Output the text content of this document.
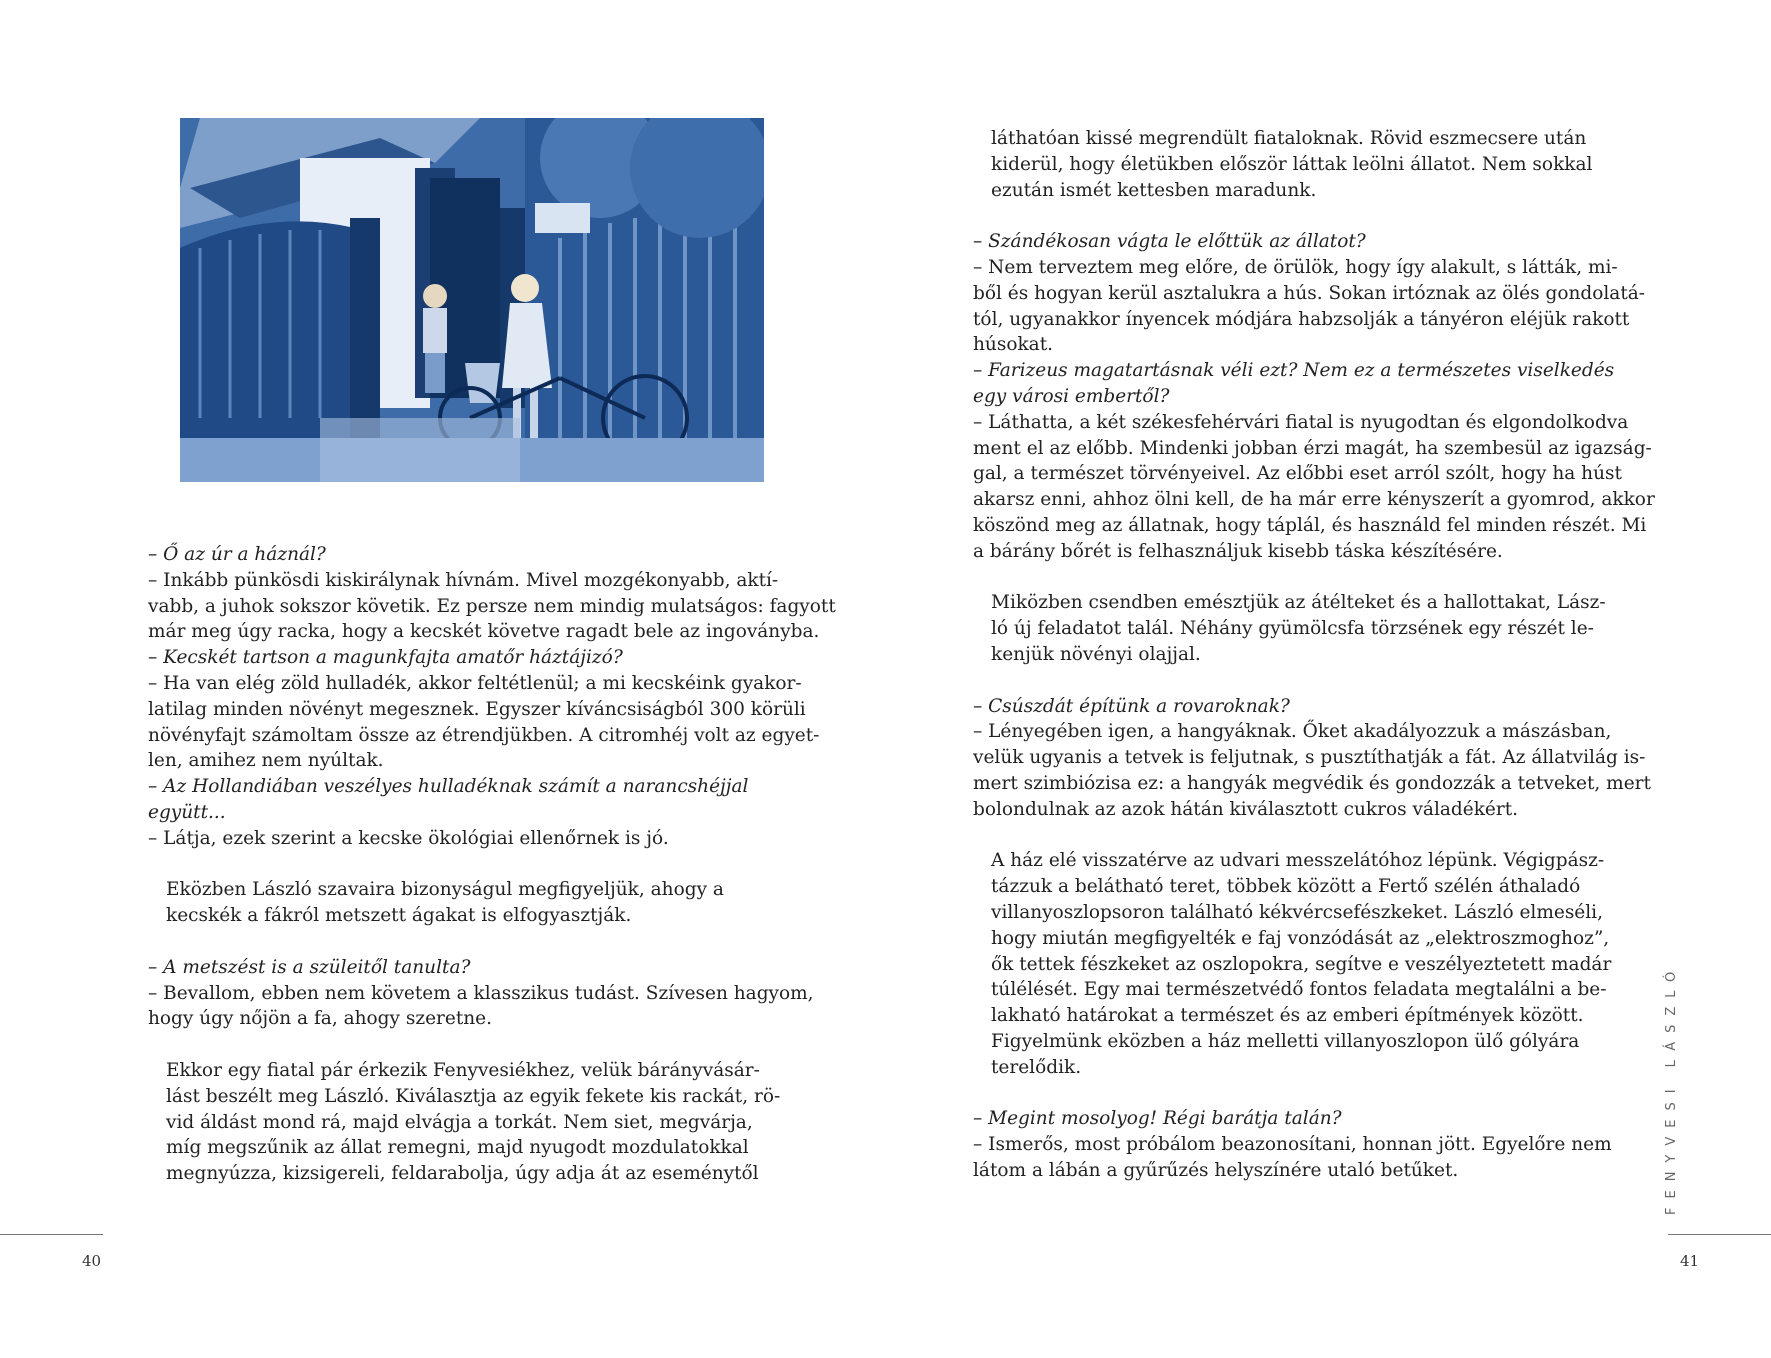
– Ő az úr a háznál?

– Inkább pünkösdi kiskirálynak hívnám. Mivel mozgékonyabb, aktí-

vabb, a juhok sokszor követik. Ez persze nem mindig mulatságos: fagyott

már meg úgy racka, hogy a kecskét követve ragadt bele az ingoványba.

– Kecskét tartson a magunkfajta amatőr háztájizó?

– Ha van elég zöld hulladék, akkor feltétlenül; a mi kecskéink gyakor-

latilag minden növényt megesznek. Egyszer kíváncsiságból 300 körüli

növényfajt számoltam össze az étrendjükben. A citromhéj volt az egyet-

len, amihez nem nyúltak.

– Az Hollandiában veszélyes hulladéknak számít a narancshéjjal

együtt...

– Látja, ezek szerint a kecske ökológiai ellenőrnek is jó.

Eközben László szavaira bizonyságul megfigyeljük, ahogy a

kecskék a fákról metszett ágakat is elfogyasztják.

– A metszést is a szüleitől tanulta?

– Bevallom, ebben nem követem a klasszikus tudást. Szívesen hagyom,

hogy úgy nőjön a fa, ahogy szeretne.

Ekkor egy fiatal pár érkezik Fenyvesiékhez, velük bárányvásár-

lást beszélt meg László. Kiválasztja az egyik fekete kis rackát, rö-

vid áldást mond rá, majd elvágja a torkát. Nem siet, megvárja,

míg megszűnik az állat remegni, majd nyugodt mozdulatokkal

megnyúzza, kizsigereli, feldarabolja, úgy adja át az eseménytől

40

láthatóan kissé megrendült fiataloknak. Rövid eszmecsere után

kiderül, hogy életükben először láttak leölni állatot. Nem sokkal

ezután ismét kettesben maradunk.

– Szándékosan vágta le előttük az állatot?

– Nem terveztem meg előre, de örülök, hogy így alakult, s látták, mi-

ből és hogyan kerül asztalukra a hús. Sokan irtóznak az ölés gondolatá-

tól, ugyanakkor ínyencek módjára habzsolják a tányéron eléjük rakott

húsokat.

– Farizeus magatartásnak véli ezt? Nem ez a természetes viselkedés

egy városi embertől?

– Láthatta, a két székesfehérvári fiatal is nyugodtan és elgondolkodva

ment el az előbb. Mindenki jobban érzi magát, ha szembesül az igazság-

gal, a természet törvényeivel. Az előbbi eset arról szólt, hogy ha húst

akarsz enni, ahhoz ölni kell, de ha már erre kényszerít a gyomrod, akkor

köszönd meg az állatnak, hogy táplál, és használd fel minden részét. Mi

a bárány bőrét is felhasználjuk kisebb táska készítésére.

Miközben csendben emésztjük az átélteket és a hallottakat, Lász-

ló új feladatot talál. Néhány gyümölcsfa törzsének egy részét le-

kenjük növényi olajjal.

– Csúszdát építünk a rovaroknak?

– Lényegében igen, a hangyáknak. Őket akadályozzuk a mászásban,

velük ugyanis a tetvek is feljutnak, s pusztíthatják a fát. Az állatvilág is-

mert szimbiózisa ez: a hangyák megvédik és gondozzák a tetveket, mert

bolondulnak az azok hátán kiválasztott cukros váladékért.

A ház elé visszatérve az udvari messzelátóhoz lépünk. Végigpász-

tázzuk a belátható teret, többek között a Fertő szélén áthaladó

villanyoszlopsoron található kékvércsefészkeket. László elmeséli,

hogy miután megfigyelték e faj vonzódását az „elektroszmoghoz”,

ők tettek fészkeket az oszlopokra, segítve e veszélyeztetett madár

túlélését. Egy mai természetvédő fontos feladata megtalálni a be-

lakható határokat a természet és az emberi építmények között.

Figyelmünk eközben a ház melletti villanyoszlopon ülő gólyára

terelődik.

– Megint mosolyog! Régi barátja talán?

– Ismerős, most próbálom beazonosítani, honnan jött. Egyelőre nem

látom a lábán a gyűrűzés helyszínére utaló betűket.	FENYVESI LÁSZLÓ
41
